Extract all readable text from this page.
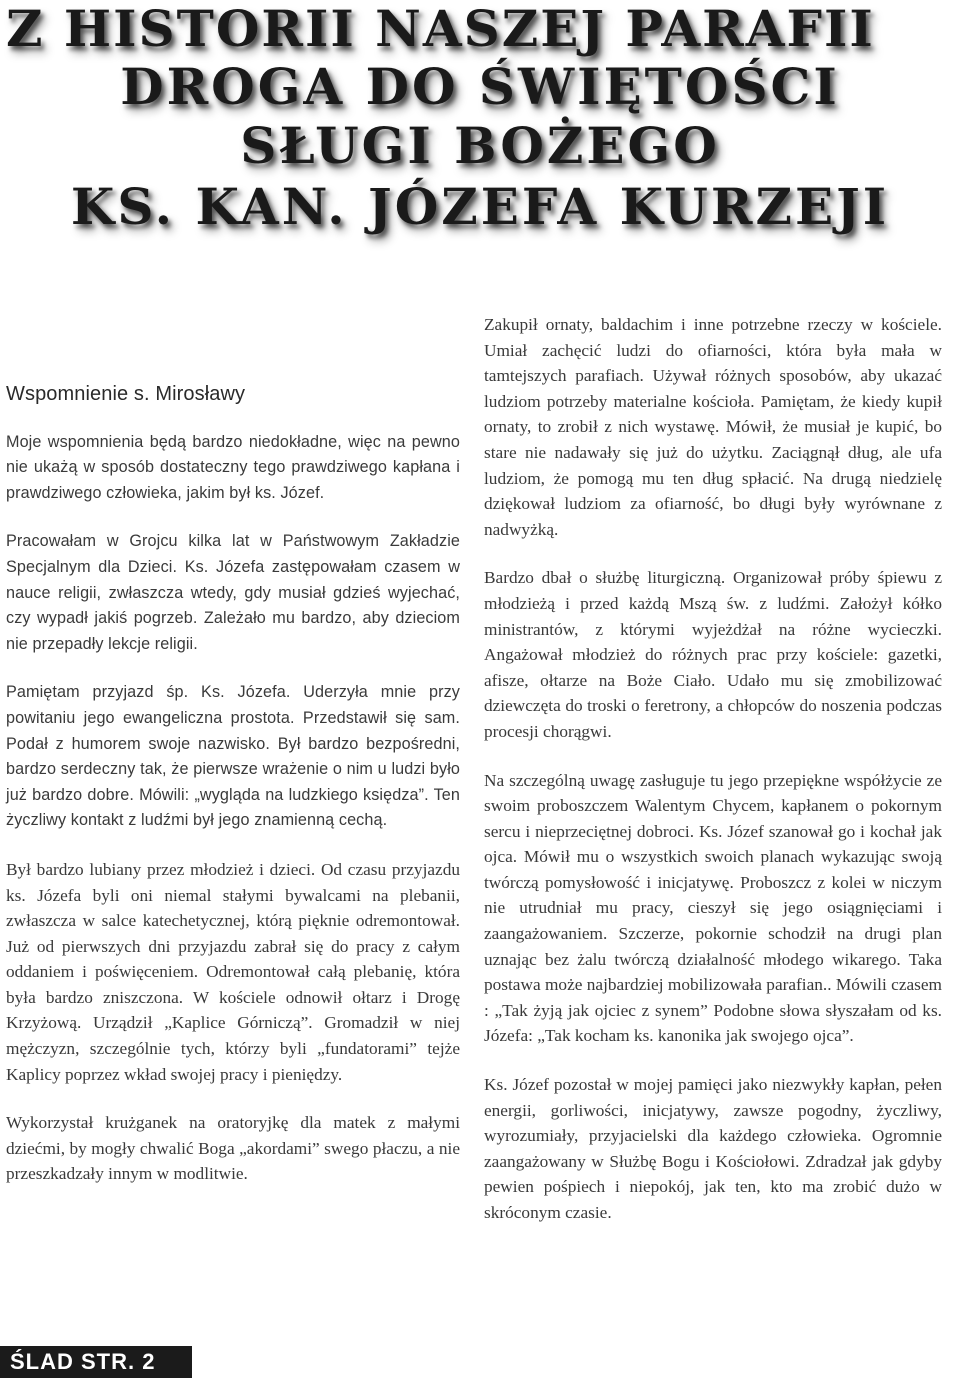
Z HISTORII NASZEJ PARAFII
DROGA DO ŚWIĘTOŚCI
SŁUGI BOŻEGO
KS. KAN. JÓZEFA KURZEJI
Wspomnienie s. Mirosławy

Moje wspomnienia będą bardzo niedokładne, więc na pewno nie ukażą w sposób dostateczny tego prawdziwego kapłana i prawdziwego człowieka, jakim był ks. Józef.

Pracowałam w Grojcu kilka lat w Państwowym Zakładzie Specjalnym dla Dzieci. Ks. Józefa zastępowałam czasem w nauce religii, zwłaszcza wtedy, gdy musiał gdzieś wyjechać, czy wypadł jakiś pogrzeb. Zależało mu bardzo, aby dzieciom nie przepadły lekcje religii.

Pamiętam przyjazd śp. Ks. Józefa. Uderzyła mnie przy powitaniu jego ewangeliczna prostota. Przedstawił się sam. Podał z humorem swoje nazwisko. Był bardzo bezpośredni, bardzo serdeczny tak, że pierwsze wrażenie o nim u ludzi było już bardzo dobre. Mówili: „wygląda na ludzkiego księdza”. Ten życzliwy kontakt z ludźmi był jego znamienną cechą.

Był bardzo lubiany przez młodzież i dzieci. Od czasu przyjazdu ks. Józefa byli oni niemal stałymi bywalcami na plebanii, zwłaszcza w salce katechetycznej, którą pięknie odremontował. Już od pierwszych dni przyjazdu zabrał się do pracy z całym oddaniem i poświęceniem. Odremontował całą plebanię, która była bardzo zniszczona. W kościele odnowił ołtarz i Drogę Krzyżową. Urządził „Kaplice Górniczą”. Gromadził w niej mężczyzn, szczególnie tych, którzy byli „fundatorami” tejże Kaplicy poprzez wkład swojej pracy i pieniędzy.

Wykorzystał krużganek na oratoryjkę dla matek z małymi dziećmi, by mogły chwalić Boga „akordami” swego płaczu, a nie przeszkadzały innym w modlitwie.

Zakupił ornaty, baldachim i inne potrzebne rzeczy w kościele. Umiał zachęcić ludzi do ofiarności, która była mała w tamtejszych parafiach. Używał różnych sposobów, aby ukazać ludziom potrzeby materialne kościoła. Pamiętam, że kiedy kupił ornaty, to zrobił z nich wystawę. Mówił, że musiał je kupić, bo stare nie nadawały się już do użytku. Zaciągnął dług, ale ufa ludziom, że pomogą mu ten dług spłacić. Na drugą niedzielę dziękował ludziom za ofiarność, bo długi były wyrównane z nadwyżką.

Bardzo dbał o służbę liturgiczną. Organizował próby śpiewu z młodzieżą i przed każdą Mszą św. z ludźmi. Założył kółko ministrantów, z którymi wyjeżdżał na różne wycieczki. Angażował młodzież do różnych prac przy kościele: gazetki, afisze, ołtarze na Boże Ciało. Udało mu się zmobilizować dziewczęta do troski o feretrony, a chłopców do noszenia podczas procesji chorągwi.

Na szczególną uwagę zasługuje tu jego przepiękne współżycie ze swoim proboszczem Walentym Chycem, kapłanem o pokornym sercu i nieprzeciętnej dobroci. Ks. Józef szanował go i kochał jak ojca. Mówił mu o wszystkich swoich planach wykazując swoją twórczą pomysłowość i inicjatywę. Proboszcz z kolei w niczym nie utrudniał mu pracy, cieszył się jego osiągnięciami i zaangażowaniem. Szczerze, pokornie schodził na drugi plan uznając bez żalu twórczą działalność młodego wikarego. Taka postawa może najbardziej mobilizowała parafian.. Mówili czasem : „Tak żyją jak ojciec z synem” Podobne słowa słyszałam od ks. Józefa: „Tak kocham ks. kanonika jak swojego ojca”.

Ks. Józef pozostał w mojej pamięci jako niezwykły kapłan, pełen energii, gorliwości, inicjatywy, zawsze pogodny, życzliwy, wyrozumiały, przyjacielski dla każdego człowieka. Ogromnie zaangażowany w Służbę Bogu i Kościołowi. Zdradzał jak gdyby pewien pośpiech i niepokój, jak ten, kto ma zrobić dużo w skróconym czasie.

ŚLAD STR. 2
